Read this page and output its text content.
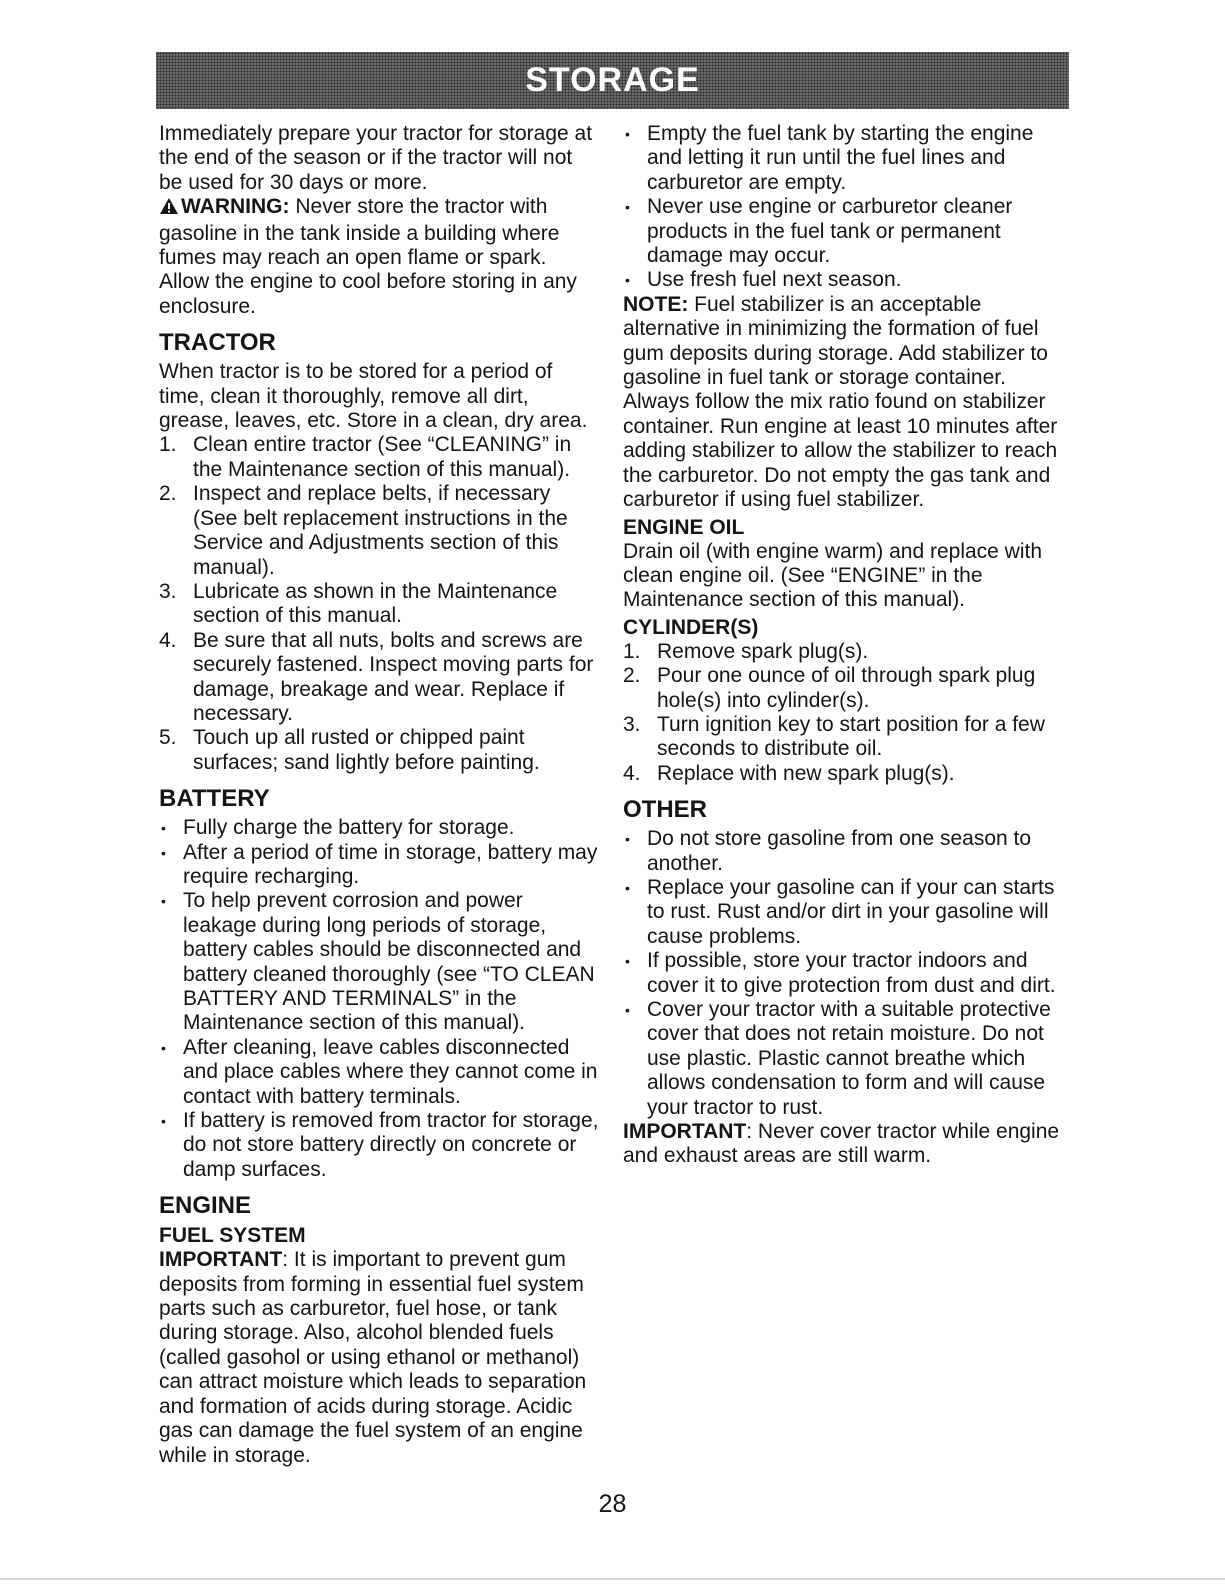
STORAGE

Immediately prepare your tractor for storage at the end of the season or if the tractor will not be used for 30 days or more.

WARNING: Never store the tractor with gasoline in the tank inside a building where fumes may reach an open flame or spark. Allow the engine to cool before storing in any enclosure.

TRACTOR

When tractor is to be stored for a period of time, clean it thoroughly, remove all dirt, grease, leaves, etc. Store in a clean, dry area.

1. Clean entire tractor (See “CLEANING” in the Maintenance section of this manual).
2. Inspect and replace belts, if necessary (See belt replacement instructions in the Service and Adjustments section of this manual).
3. Lubricate as shown in the Maintenance section of this manual.
4. Be sure that all nuts, bolts and screws are securely fastened. Inspect moving parts for damage, breakage and wear. Replace if necessary.
5. Touch up all rusted or chipped paint surfaces; sand lightly before painting.
BATTERY
• Fully charge the battery for storage.
• After a period of time in storage, battery may require recharging.
• To help prevent corrosion and power leakage during long periods of storage, battery cables should be disconnected and battery cleaned thoroughly (see “TO CLEAN BATTERY AND TERMINALS” in the Maintenance section of this manual).
• After cleaning, leave cables disconnected and place cables where they cannot come in contact with battery terminals.
• If battery is removed from tractor for storage, do not store battery directly on concrete or damp surfaces.
ENGINE
FUEL SYSTEM

IMPORTANT: It is important to prevent gum deposits from forming in essential fuel system parts such as carburetor, fuel hose, or tank during storage. Also, alcohol blended fuels (called gasohol or using ethanol or methanol) can attract moisture which leads to separation and formation of acids during storage. Acidic gas can damage the fuel system of an engine while in storage.

• Empty the fuel tank by starting the engine and letting it run until the fuel lines and carburetor are empty.
• Never use engine or carburetor cleaner products in the fuel tank or permanent damage may occur.
• Use fresh fuel next season.

NOTE: Fuel stabilizer is an acceptable alternative in minimizing the formation of fuel gum deposits during storage. Add stabilizer to gasoline in fuel tank or storage container. Always follow the mix ratio found on stabilizer container. Run engine at least 10 minutes after adding stabilizer to allow the stabilizer to reach the carburetor. Do not empty the gas tank and carburetor if using fuel stabilizer.

ENGINE OIL

Drain oil (with engine warm) and replace with clean engine oil. (See “ENGINE” in the Maintenance section of this manual).

CYLINDER(S)
1. Remove spark plug(s).
2. Pour one ounce of oil through spark plug hole(s) into cylinder(s).
3. Turn ignition key to start position for a few seconds to distribute oil.
4. Replace with new spark plug(s).
OTHER
• Do not store gasoline from one season to another.
• Replace your gasoline can if your can starts to rust. Rust and/or dirt in your gasoline will cause problems.
• If possible, store your tractor indoors and cover it to give protection from dust and dirt.
• Cover your tractor with a suitable protective cover that does not retain moisture. Do not use plastic. Plastic cannot breathe which allows condensation to form and will cause your tractor to rust.

IMPORTANT: Never cover tractor while engine and exhaust areas are still warm.

28
